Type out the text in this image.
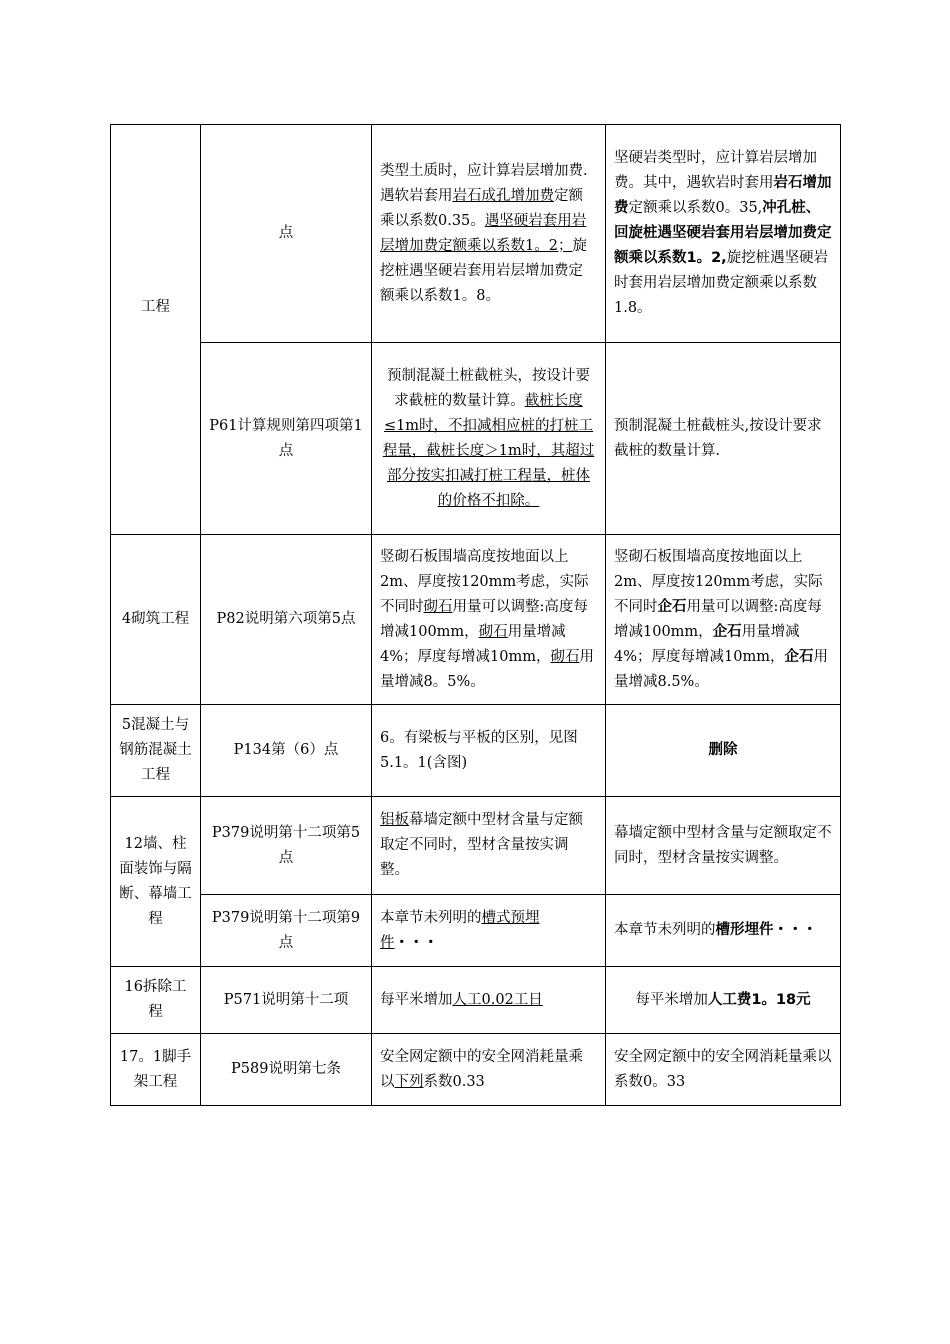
工程	点	类型土质时，应计算岩层增加费.遇软岩套用岩石成孔增加费定额乘以系数0.35。遇坚硬岩套用岩层增加费定额乘以系数1。2；旋挖桩遇坚硬岩套用岩层增加费定额乘以系数1。8。	坚硬岩类型时，应计算岩层增加费。其中，遇软岩时套用岩石增加费定额乘以系数0。35,冲孔桩、回旋桩遇坚硬岩套用岩层增加费定额乘以系数1。2,旋挖桩遇坚硬岩时套用岩层增加费定额乘以系数1.8。
	P61计算规则第四项第1点	预制混凝土桩截桩头，按设计要求截桩的数量计算。截桩长度≤1m时，不扣减相应桩的打桩工程量，截桩长度＞1m时，其超过部分按实扣减打桩工程量，桩体的价格不扣除。	预制混凝土桩截桩头,按设计要求截桩的数量计算.
4砌筑工程	P82说明第六项第5点	竖砌石板围墙高度按地面以上2m、厚度按120mm考虑，实际不同时砌石用量可以调整:高度每增减100mm，砌石用量增减4%；厚度每增减10mm，砌石用量增减8。5%。	竖砌石板围墙高度按地面以上2m、厚度按120mm考虑，实际不同时企石用量可以调整:高度每增减100mm，企石用量增减4%；厚度每增减10mm，企石用量增减8.5%。
5混凝土与钢筋混凝土工程	P134第（6）点	6。有梁板与平板的区别，见图5.1。1(含图)	删除
12墙、柱面装饰与隔断、幕墙工程	P379说明第十二项第5点	铝板幕墙定额中型材含量与定额取定不同时，型材含量按实调整。	幕墙定额中型材含量与定额取定不同时，型材含量按实调整。
	P379说明第十二项第9点	本章节未列明的槽式预埋件・・・	本章节未列明的槽形埋件・・・
16拆除工程	P571说明第十二项	每平米增加人工0.02工日	每平米增加人工费1。18元
17。1脚手架工程	P589说明第七条	安全网定额中的安全网消耗量乘以下列系数0.33	安全网定额中的安全网消耗量乘以系数0。33
